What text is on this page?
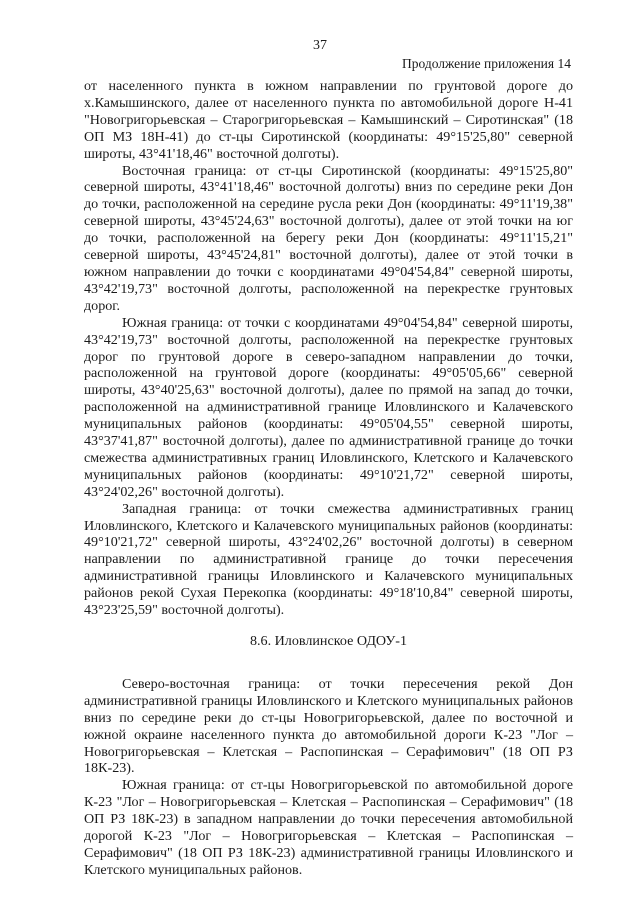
37
Продолжение приложения 14

от населенного пункта в южном направлении по грунтовой дороге до х.Камышинского, далее от населенного пункта по автомобильной дороге Н-41 "Новогригорьевская – Старогригорьевская – Камышинский – Сиротинская" (18 ОП МЗ 18Н-41) до ст-цы Сиротинской (координаты: 49°15'25,80" северной широты, 43°41'18,46" восточной долготы).

Восточная граница: от ст-цы Сиротинской (координаты: 49°15'25,80" северной широты, 43°41'18,46" восточной долготы) вниз по середине реки Дон до точки, расположенной на середине русла реки Дон (координаты: 49°11'19,38" северной широты, 43°45'24,63" восточной долготы), далее от этой точки на юг до точки, расположенной на берегу реки Дон (координаты: 49°11'15,21" северной широты, 43°45'24,81" восточной долготы), далее от этой точки в южном направлении до точки с координатами 49°04'54,84" северной широты, 43°42'19,73" восточной долготы, расположенной на перекрестке грунтовых дорог.

Южная граница: от точки с координатами 49°04'54,84" северной широты, 43°42'19,73" восточной долготы, расположенной на перекрестке грунтовых дорог по грунтовой дороге в северо-западном направлении до точки, расположенной на грунтовой дороге (координаты: 49°05'05,66" северной широты, 43°40'25,63" восточной долготы), далее по прямой на запад до точки, расположенной на административной границе Иловлинского и Калачевского муниципальных районов (координаты: 49°05'04,55" северной широты, 43°37'41,87" восточной долготы), далее по административной границе до точки смежества административных границ Иловлинского, Клетского и Калачевского муниципальных районов (координаты: 49°10'21,72" северной широты, 43°24'02,26" восточной долготы).

Западная граница: от точки смежества административных границ Иловлинского, Клетского и Калачевского муниципальных районов (координаты: 49°10'21,72" северной широты, 43°24'02,26" восточной долготы) в северном направлении по административной границе до точки пересечения административной границы Иловлинского и Калачевского муниципальных районов рекой Сухая Перекопка (координаты: 49°18'10,84" северной широты, 43°23'25,59" восточной долготы).

8.6. Иловлинское ОДОУ-1

Северо-восточная граница: от точки пересечения рекой Дон административной границы Иловлинского и Клетского муниципальных районов вниз по середине реки до ст-цы Новогригорьевской, далее по восточной и южной окраине населенного пункта до автомобильной дороги К-23 "Лог – Новогригорьевская – Клетская – Распопинская – Серафимович" (18 ОП РЗ 18К-23).

Южная граница: от ст-цы Новогригорьевской по автомобильной дороге К-23 "Лог – Новогригорьевская – Клетская – Распопинская – Серафимович" (18 ОП РЗ 18К-23) в западном направлении до точки пересечения автомобильной дорогой К-23 "Лог – Новогригорьевская – Клетская – Распопинская – Серафимович" (18 ОП РЗ 18К-23) административной границы Иловлинского и Клетского муниципальных районов.
